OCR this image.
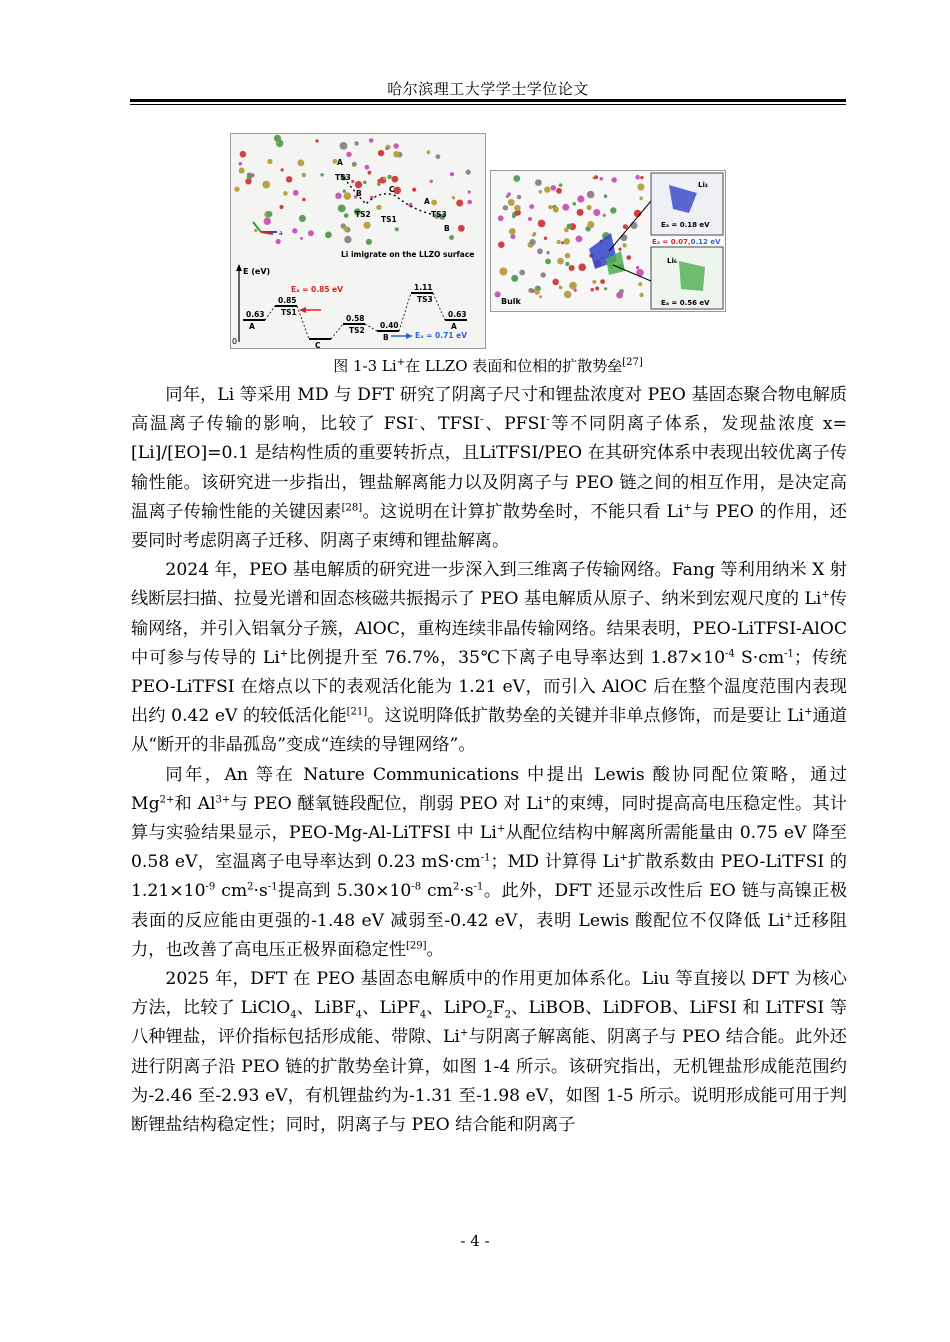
哈尔滨理工大学学士学位论文
A
B	C
A
B
TS3
TS2
TS1
TS3
Li imigrate on the LLZO surface
a
E (eV)
0
0.63
A
0.85
TS1
C
0.58
TS2
0.40
B
1.11
TS3
0.63
A
Eₐ = 0.85 eV
Eₐ = 0.71 eV
Bulk
Li₄
Eₐ = 0.18 eV
Eₐ = 0.07,0.12 eV
Li₆
Eₐ = 0.56 eV
图 1-3 Li+在 LLZO 表面和位相的扩散势垒[27]

同年，Li 等采用 MD 与 DFT 研究了阴离子尺寸和锂盐浓度对 PEO 基固态聚合物电解质高温离子传输的影响，比较了 FSI-、TFSI-、PFSI-等不同阴离子体系，发现盐浓度 x=[Li]/[EO]=0.1 是结构性质的重要转折点，且LiTFSI/PEO 在其研究体系中表现出较优离子传输性能。该研究进一步指出，锂盐解离能力以及阴离子与 PEO 链之间的相互作用，是决定高温离子传输性能的关键因素[28]。这说明在计算扩散势垒时，不能只看 Li+与 PEO 的作用，还要同时考虑阴离子迁移、阴离子束缚和锂盐解离。

2024 年，PEO 基电解质的研究进一步深入到三维离子传输网络。Fang 等利用纳米 X 射线断层扫描、拉曼光谱和固态核磁共振揭示了 PEO 基电解质从原子、纳米到宏观尺度的 Li+传输网络，并引入铝氧分子簇，AlOC，重构连续非晶传输网络。结果表明，PEO-LiTFSI-AlOC 中可参与传导的 Li+比例提升至 76.7%，35℃下离子电导率达到 $1.87\times 10^{-4}$ $S\cdot cm^{-1}$；传统 PEO-LiTFSI 在熔点以下的表观活化能为 1.21 eV，而引入 AlOC 后在整个温度范围内表现出约 0.42 eV 的较低活化能[21]。这说明降低扩散势垒的关键并非单点修饰，而是要让 Li+通道从“断开的非晶孤岛”变成“连续的导锂网络”。

同年，An 等在 Nature Communications 中提出 Lewis 酸协同配位策略，通过 $Mg^{2+}$和 $Al^{3+}$与 PEO 醚氧链段配位，削弱 PEO 对 Li+的束缚，同时提高高电压稳定性。其计算与实验结果显示，PEO-Mg-Al-LiTFSI 中 Li+从配位结构中解离所需能量由 0.75 eV 降至 0.58 eV，室温离子电导率达到 0.23 $mS\cdot cm^{-1}$；MD 计算得 Li+扩散系数由 PEO-LiTFSI 的 $1.21\times 10^{-9}$ $cm^2\cdot s^{-1}$提高到 $5.30\times 10^{-8}$ $cm^2\cdot s^{-1}$。此外，DFT 还显示改性后 EO 链与高镍正极表面的反应能由更强的-1.48 eV 减弱至-0.42 eV，表明 Lewis 酸配位不仅降低 Li+迁移阻力，也改善了高电压正极界面稳定性[29]。

2025 年，DFT 在 PEO 基固态电解质中的作用更加体系化。Liu 等直接以 DFT 为核心方法，比较了 LiClO$_4$、LiBF$_4$、LiPF$_4$、$LiPO_2F_2$、LiBOB、LiDFOB、LiFSI 和 LiTFSI 等八种锂盐，评价指标包括形成能、带隙、Li+与阴离子解离能、阴离子与 PEO 结合能。此外还进行阴离子沿 PEO 链的扩散势垒计算，如图 1-4 所示。该研究指出，无机锂盐形成能范围约为-2.46 至-2.93 eV，有机锂盐约为-1.31 至-1.98 eV，如图 1-5 所示。说明形成能可用于判断锂盐结构稳定性；同时，阴离子与 PEO 结合能和阴离子

- 4 -
